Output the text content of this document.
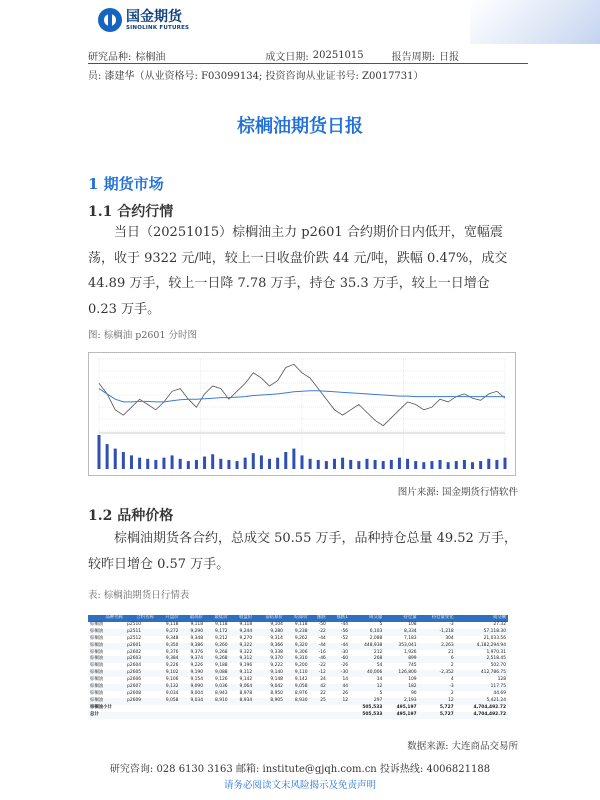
国金期货
SINOLINK FUTURES
研究品种: 棕榈油	成文日期: 20251015	报告周期: 日报
员: 漆建华（从业资格号: F03099134; 投资咨询从业证书号: Z0017731）
棕榈油期货日报
1 期货市场
1.1 合约行情
当日（20251015）棕榈油主力 p2601 合约期价日内低开，宽幅震荡，收于 9322 元/吨，较上一日收盘价跌 44 元/吨，跌幅 0.47%，成交 44.89 万手，较上一日降 7.78 万手，持仓 35.3 万手，较上一日增仓 0.23 万手。
图: 棕榈油 p2601 分时图
图片来源: 国金期货行情软件
1.2 品种价格
棕榈油期货各合约，总成交 50.55 万手，品种持仓总量 49.52 万手，较昨日增仓 0.57 万手。
表: 棕榈油期货日行情表
品种名称	合约名称	开盘价	最高价	最低价	收盘价	前结算价	结算价	涨跌	涨跌1	成交量	持仓量	持仓量变化	成交额
棕榈油	p2510	9,118	9,118	9,118	9,118	9,104	9,118	-50	-44	5	108	-3	27.32
棕榈油	p2511	9,272	9,290	9,172	9,244	9,280	9,238	-22	-56	6,103	8,334	-1,218	57,118.30
棕榈油	p2512	9,348	9,348	9,212	9,270	9,314	9,262	-44	-52	2,088	7,183	304	21,033.56
棕榈油	p2601	9,350	9,386	9,260	9,322	9,366	9,320	-44	-44	448,938	353,041	2,263	4,182,294.94
棕榈油	p2602	9,376	9,376	9,268	9,322	9,338	9,306	-16	-30	212	1,926	21	1,970.31
棕榈油	p2603	9,384	9,374	9,268	9,312	9,370	9,310	-46	-60	268	899	6	2,518.45
棕榈油	p2604	9,226	9,226	9,188	9,196	9,222	9,200	-22	-26	54	745	2	502.70
棕榈油	p2605	9,102	9,190	9,088	9,112	9,140	9,110	-12	-30	40,006	126,800	-2,352	412,786.75
棕榈油	p2606	9,106	9,154	9,126	9,142	9,148	9,142	24	14	14	109	4	128
棕榈油	p2607	9,132	9,090	9,036	9,064	9,042	9,058	42	44	12	182	-3	117.75
棕榈油	p2608	9,034	9,004	8,943	8,978	8,950	8,976	22	26	5	90	2	44.69
棕榈油	p2609	9,058	9,034	8,910	8,934	8,905	8,930	25	12	297	2,193	12	5,421.24
棕榈油小计										505,533	495,197	5,727	4,704,492.72
总计										505,533	495,197	5,727	4,704,492.72
数据来源: 大连商品交易所
研究咨询: 028 6130 3163 邮箱: institute@gjqh.com.cn 投诉热线: 4006821188
请务必阅读文末风险揭示及免责声明
